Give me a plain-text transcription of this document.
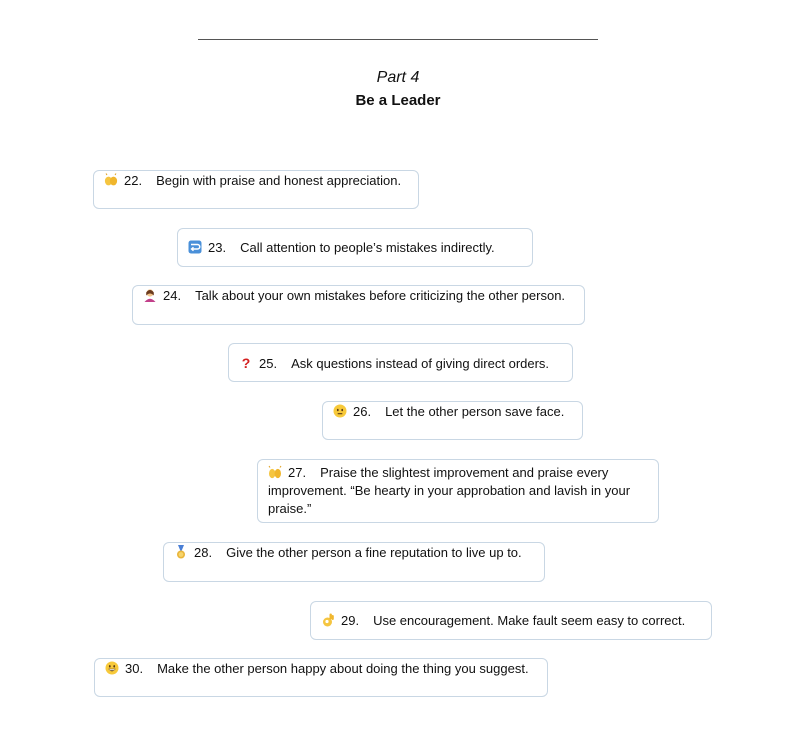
Part 4
Be a Leader
22. Begin with praise and honest appreciation.
23. Call attention to people’s mistakes indirectly.
24. Talk about your own mistakes before criticizing the other person.
? 25. Ask questions instead of giving direct orders.
26. Let the other person save face.
27. Praise the slightest improvement and praise every improvement. “Be hearty in your approbation and lavish in your praise.”
28. Give the other person a fine reputation to live up to.
29. Use encouragement. Make fault seem easy to correct.
30. Make the other person happy about doing the thing you suggest.
